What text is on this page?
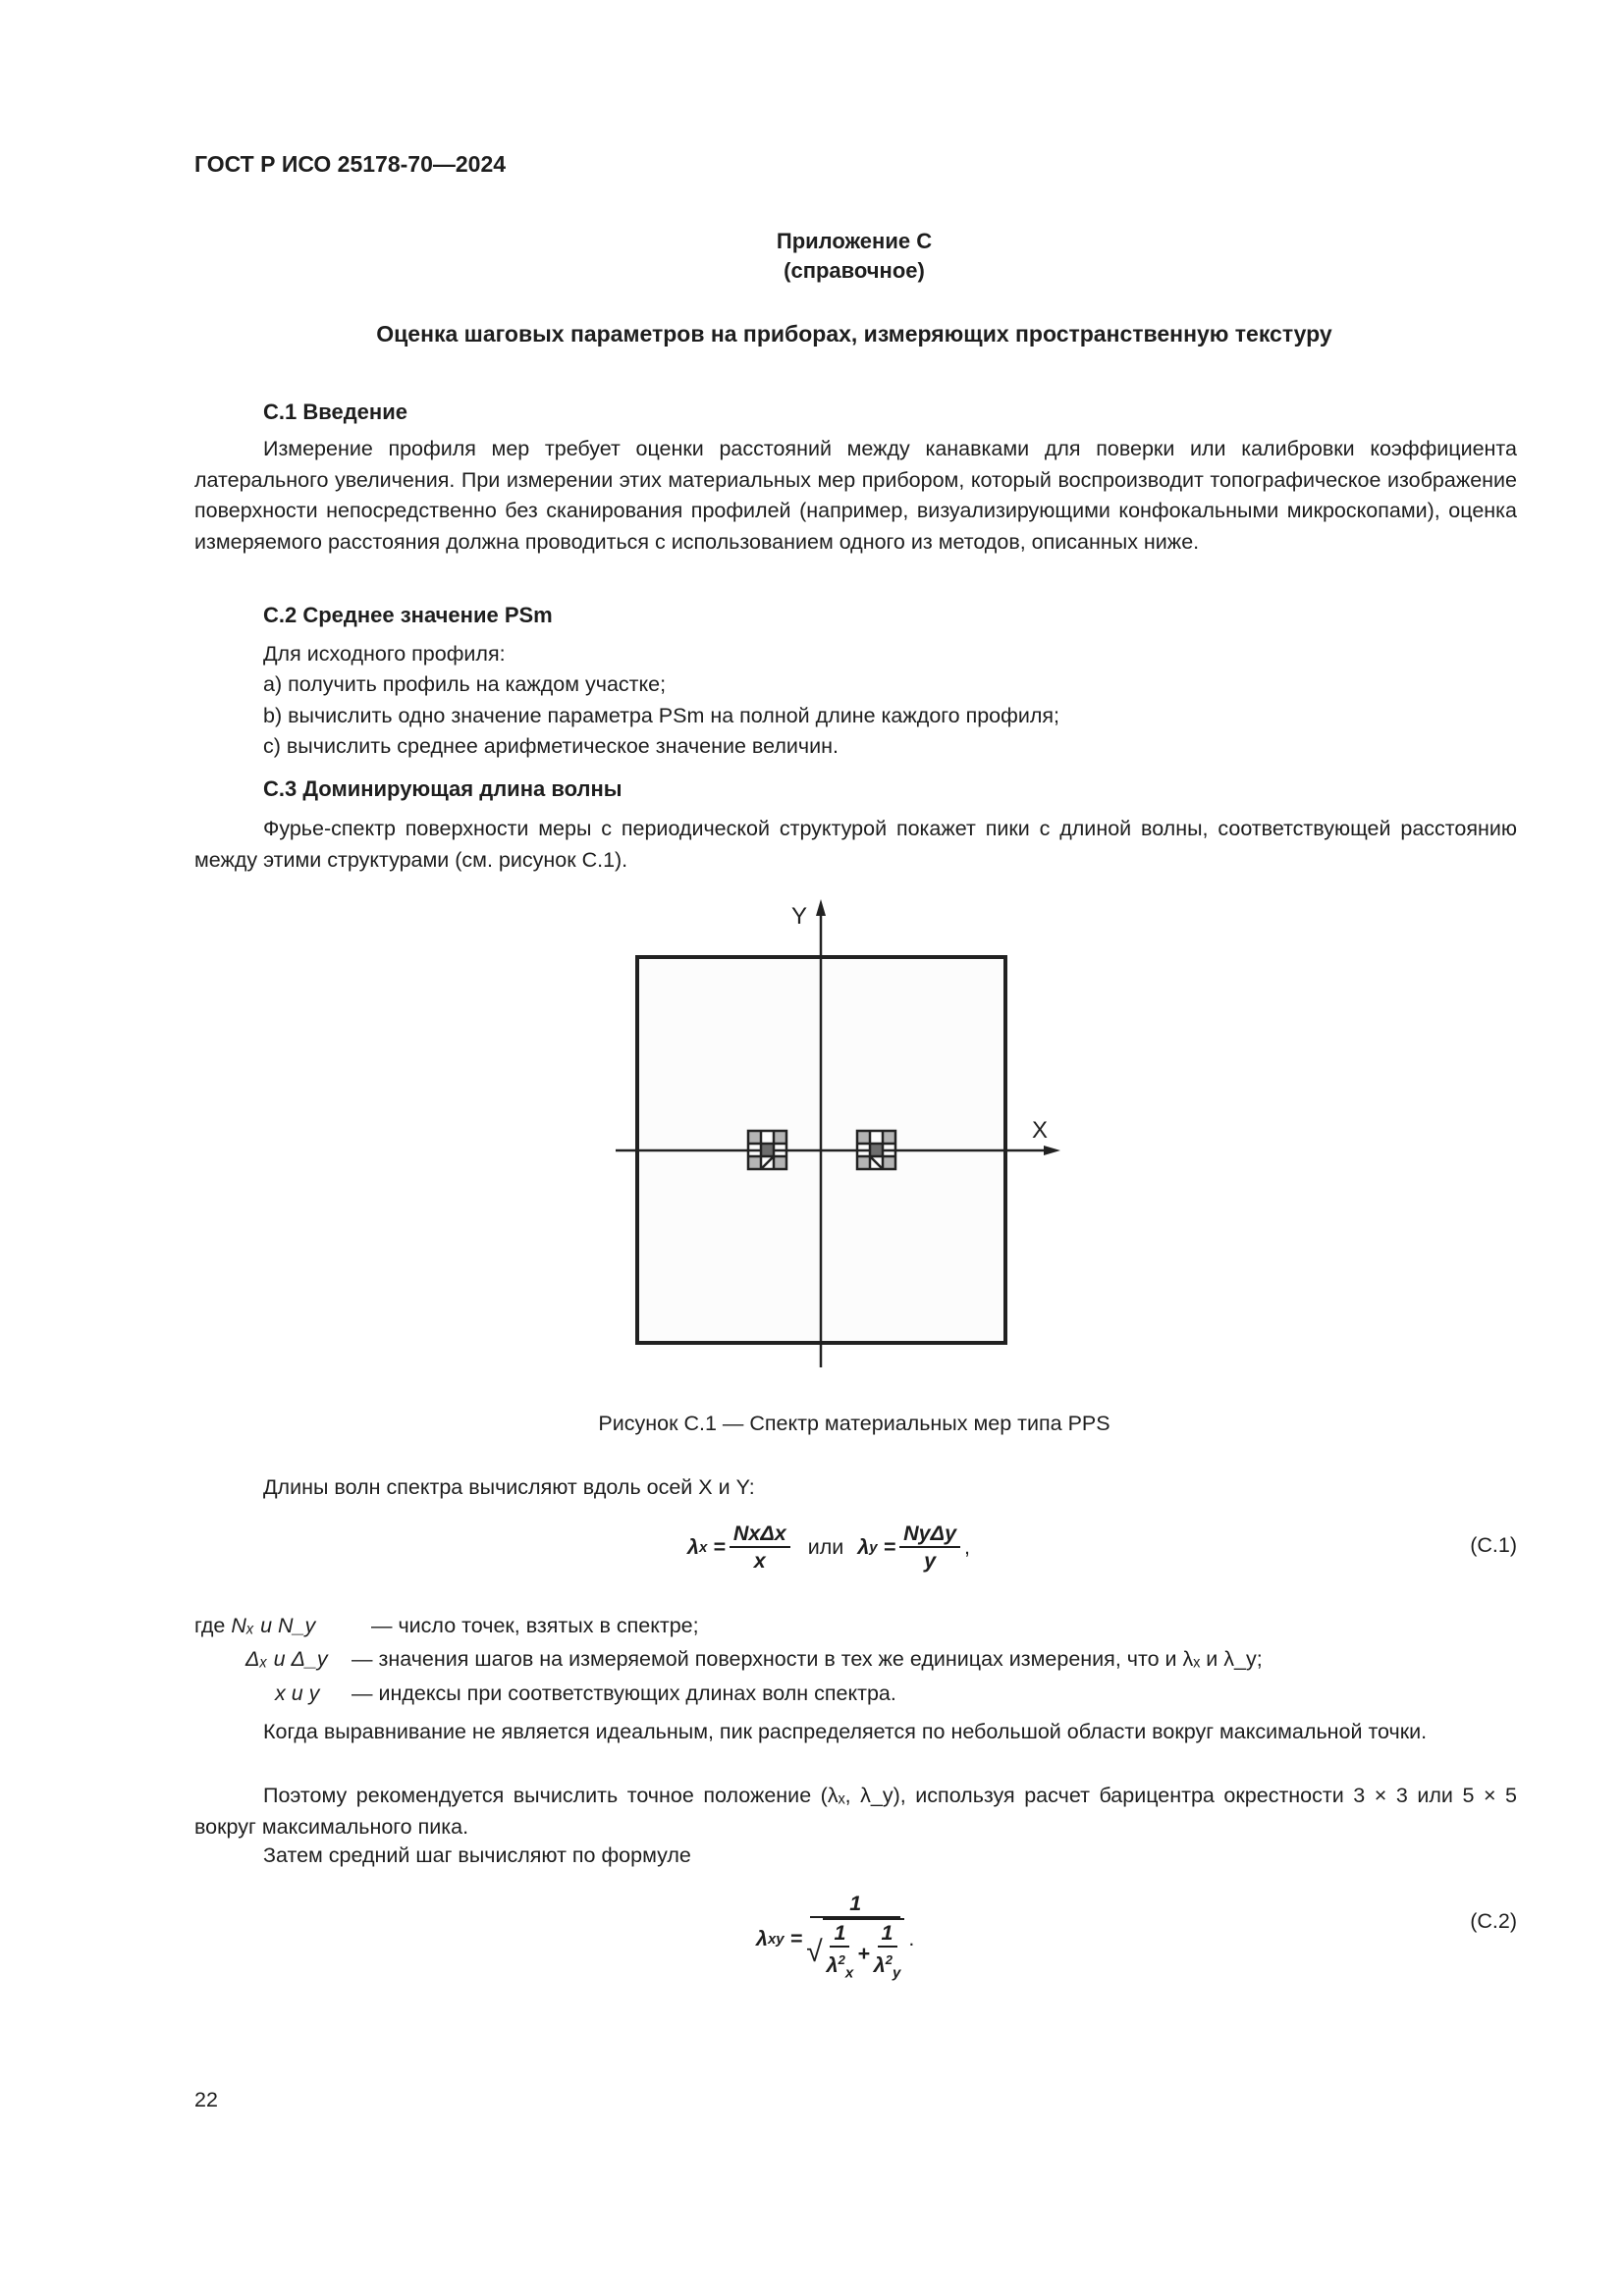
ГОСТ Р ИСО 25178-70—2024
Приложение С
(справочное)
Оценка шаговых параметров на приборах, измеряющих пространственную текстуру
С.1 Введение
Измерение профиля мер требует оценки расстояний между канавками для поверки или калибровки коэффициента латерального увеличения. При измерении этих материальных мер прибором, который воспроизводит топографическое изображение поверхности непосредственно без сканирования профилей (например, визуализирующими конфокальными микроскопами), оценка измеряемого расстояния должна проводиться с использованием одного из методов, описанных ниже.
С.2 Среднее значение PSm
Для исходного профиля:
a) получить профиль на каждом участке;
b) вычислить одно значение параметра PSm на полной длине каждого профиля;
c) вычислить среднее арифметическое значение величин.
С.3 Доминирующая длина волны
Фурье-спектр поверхности меры с периодической структурой покажет пики с длиной волны, соответствующей расстоянию между этими структурами (см. рисунок С.1).
Y
X
Рисунок С.1 — Спектр материальных мер типа PPS
Длины волн спектра вычисляют вдоль осей X и Y:
λ $x = \frac{\text{NxΔx}}{x}$ или λ $y = \frac{\text{NyΔy}}{y}$ ,	(С.1)
где Nₓ и N_y	— число точек, взятых в спектре;
Δₓ и Δ_y — значения шагов на измеряемой поверхности в тех же единицах измерения, что и λₓ и λ_y;
x и y — индексы при соответствующих длинах волн спектра.
Когда выравнивание не является идеальным, пик распределяется по небольшой области вокруг максимальной точки.
Поэтому рекомендуется вычислить точное положение (λₓ, λ_y), используя расчет барицентра окрестности 3 × 3 или 5 × 5 вокруг максимального пика.
Затем средний шаг вычисляют по формуле
λ xy = $\frac{1}{√ \frac{1}{\lambda^2_x} + \frac{1}{\lambda^2_y}}$ .
(С.2)
22
